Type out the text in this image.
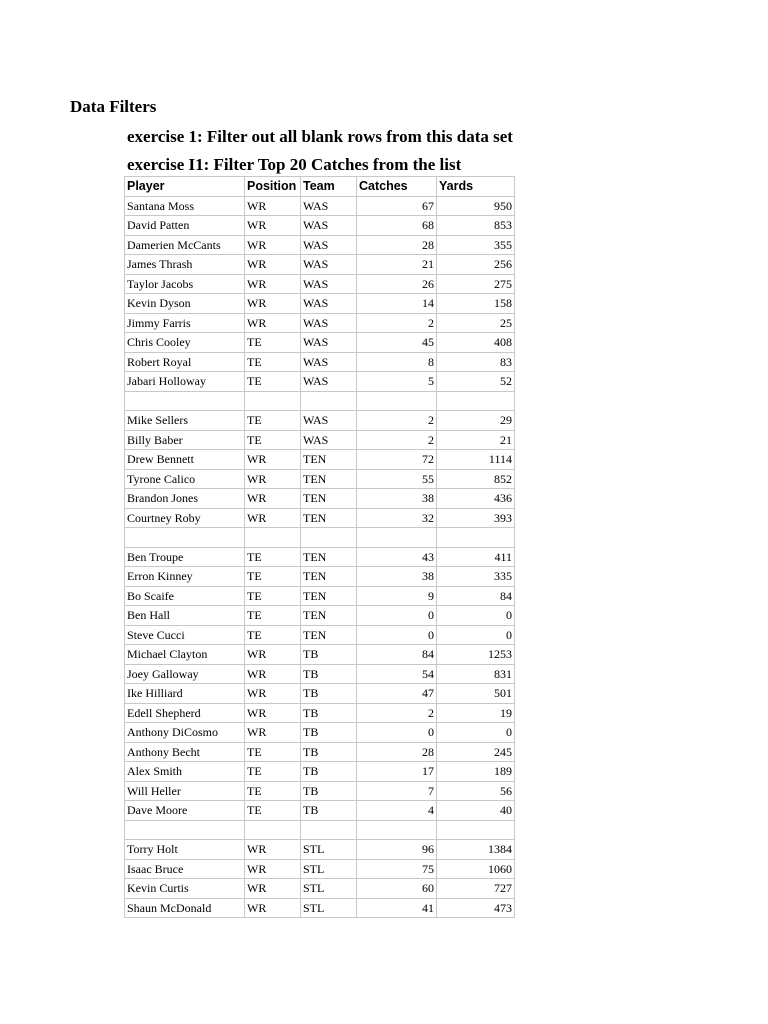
Data Filters
exercise 1: Filter out all blank rows from this data set
exercise I1: Filter Top 20 Catches from the list
Player	Position	Team	Catches	Yards
Santana Moss	WR	WAS	67	950
David Patten	WR	WAS	68	853
Damerien McCants	WR	WAS	28	355
James Thrash	WR	WAS	21	256
Taylor Jacobs	WR	WAS	26	275
Kevin Dyson	WR	WAS	14	158
Jimmy Farris	WR	WAS	2	25
Chris Cooley	TE	WAS	45	408
Robert Royal	TE	WAS	8	83
Jabari Holloway	TE	WAS	5	52

Mike Sellers	TE	WAS	2	29
Billy Baber	TE	WAS	2	21
Drew Bennett	WR	TEN	72	1114
Tyrone Calico	WR	TEN	55	852
Brandon Jones	WR	TEN	38	436
Courtney Roby	WR	TEN	32	393

Ben Troupe	TE	TEN	43	411
Erron Kinney	TE	TEN	38	335
Bo Scaife	TE	TEN	9	84
Ben Hall	TE	TEN	0	0
Steve Cucci	TE	TEN	0	0
Michael Clayton	WR	TB	84	1253
Joey Galloway	WR	TB	54	831
Ike Hilliard	WR	TB	47	501
Edell Shepherd	WR	TB	2	19
Anthony DiCosmo	WR	TB	0	0
Anthony Becht	TE	TB	28	245
Alex Smith	TE	TB	17	189
Will Heller	TE	TB	7	56
Dave Moore	TE	TB	4	40

Torry Holt	WR	STL	96	1384
Isaac Bruce	WR	STL	75	1060
Kevin Curtis	WR	STL	60	727
Shaun McDonald	WR	STL	41	473
